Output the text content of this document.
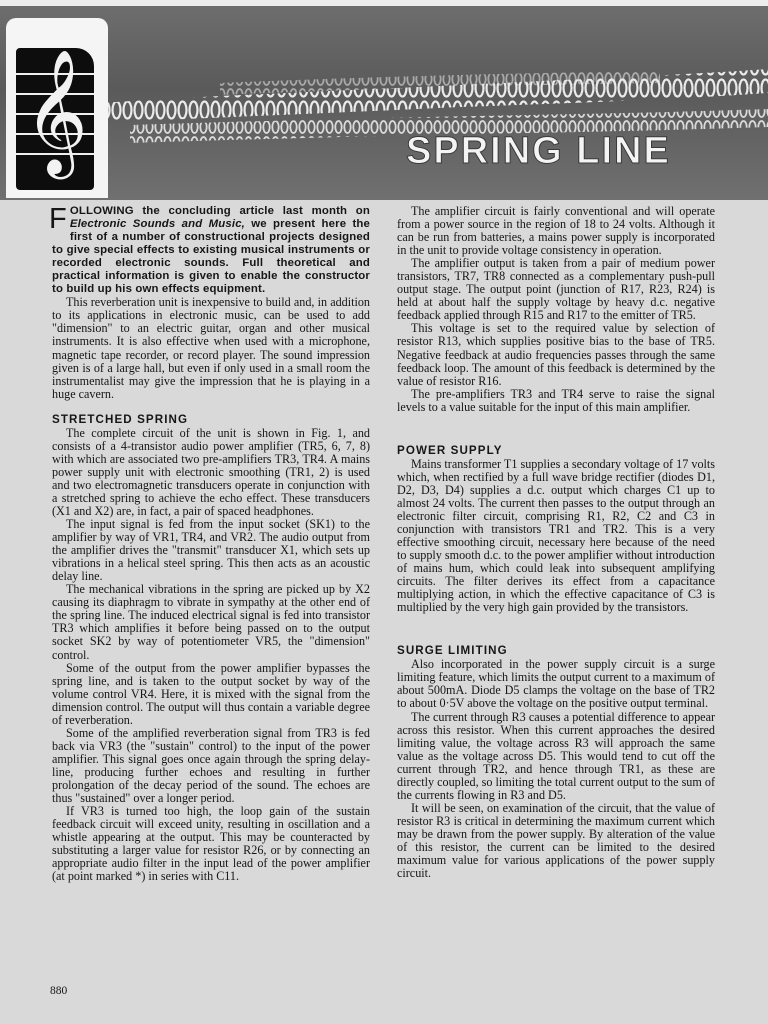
𝄞	SPRING LINE

FOLLOWING the concluding article last month on Electronic Sounds and Music, we present here the first of a number of constructional projects designed to give special effects to existing musical instruments or recorded electronic sounds. Full theoretical and practical information is given to enable the constructor to build up his own effects equipment.

This reverberation unit is inexpensive to build and, in addition to its applications in electronic music, can be used to add "dimension" to an electric guitar, organ and other musical instruments. It is also effective when used with a microphone, magnetic tape recorder, or record player. The sound impression given is of a large hall, but even if only used in a small room the instrumentalist may give the impression that he is playing in a huge cavern.

STRETCHED SPRING

The complete circuit of the unit is shown in Fig. 1, and consists of a 4-transistor audio power amplifier (TR5, 6, 7, 8) with which are associated two pre-amplifiers TR3, TR4. A mains power supply unit with electronic smoothing (TR1, 2) is used and two electromagnetic transducers operate in conjunction with a stretched spring to achieve the echo effect. These transducers (X1 and X2) are, in fact, a pair of spaced headphones.

The input signal is fed from the input socket (SK1) to the amplifier by way of VR1, TR4, and VR2. The audio output from the amplifier drives the "transmit" transducer X1, which sets up vibrations in a helical steel spring. This then acts as an acoustic delay line.

The mechanical vibrations in the spring are picked up by X2 causing its diaphragm to vibrate in sympathy at the other end of the spring line. The induced electrical signal is fed into transistor TR3 which amplifies it before being passed on to the output socket SK2 by way of potentiometer VR5, the "dimension" control.

Some of the output from the power amplifier bypasses the spring line, and is taken to the output socket by way of the volume control VR4. Here, it is mixed with the signal from the dimension control. The output will thus contain a variable degree of reverberation.

Some of the amplified reverberation signal from TR3 is fed back via VR3 (the "sustain" control) to the input of the power amplifier. This signal goes once again through the spring delay-line, producing further echoes and resulting in further prolongation of the decay period of the sound. The echoes are thus "sustained" over a longer period.

If VR3 is turned too high, the loop gain of the sustain feedback circuit will exceed unity, resulting in oscillation and a whistle appearing at the output. This may be counteracted by substituting a larger value for resistor R26, or by connecting an appropriate audio filter in the input lead of the power amplifier (at point marked *) in series with C11.

The amplifier circuit is fairly conventional and will operate from a power source in the region of 18 to 24 volts. Although it can be run from batteries, a mains power supply is incorporated in the unit to provide voltage consistency in operation.

The amplifier output is taken from a pair of medium power transistors, TR7, TR8 connected as a complementary push-pull output stage. The output point (junction of R17, R23, R24) is held at about half the supply voltage by heavy d.c. negative feedback applied through R15 and R17 to the emitter of TR5.

This voltage is set to the required value by selection of resistor R13, which supplies positive bias to the base of TR5. Negative feedback at audio frequencies passes through the same feedback loop. The amount of this feedback is determined by the value of resistor R16.

The pre-amplifiers TR3 and TR4 serve to raise the signal levels to a value suitable for the input of this main amplifier.

POWER SUPPLY

Mains transformer T1 supplies a secondary voltage of 17 volts which, when rectified by a full wave bridge rectifier (diodes D1, D2, D3, D4) supplies a d.c. output which charges C1 up to almost 24 volts. The current then passes to the output through an electronic filter circuit, comprising R1, R2, C2 and C3 in conjunction with transistors TR1 and TR2. This is a very effective smoothing circuit, necessary here because of the need to supply smooth d.c. to the power amplifier without introduction of mains hum, which could leak into subsequent amplifying circuits. The filter derives its effect from a capacitance multiplying action, in which the effective capacitance of C3 is multiplied by the very high gain provided by the transistors.

SURGE LIMITING

Also incorporated in the power supply circuit is a surge limiting feature, which limits the output current to a maximum of about 500mA. Diode D5 clamps the voltage on the base of TR2 to about 0·5V above the voltage on the positive output terminal.

The current through R3 causes a potential difference to appear across this resistor. When this current approaches the desired limiting value, the voltage across R3 will approach the same value as the voltage across D5. This would tend to cut off the current through TR2, and hence through TR1, as these are directly coupled, so limiting the total current output to the sum of the currents flowing in R3 and D5.

It will be seen, on examination of the circuit, that the value of resistor R3 is critical in determining the maximum current which may be drawn from the power supply. By alteration of the value of this resistor, the current can be limited to the desired maximum value for various applications of the power supply circuit.

880
